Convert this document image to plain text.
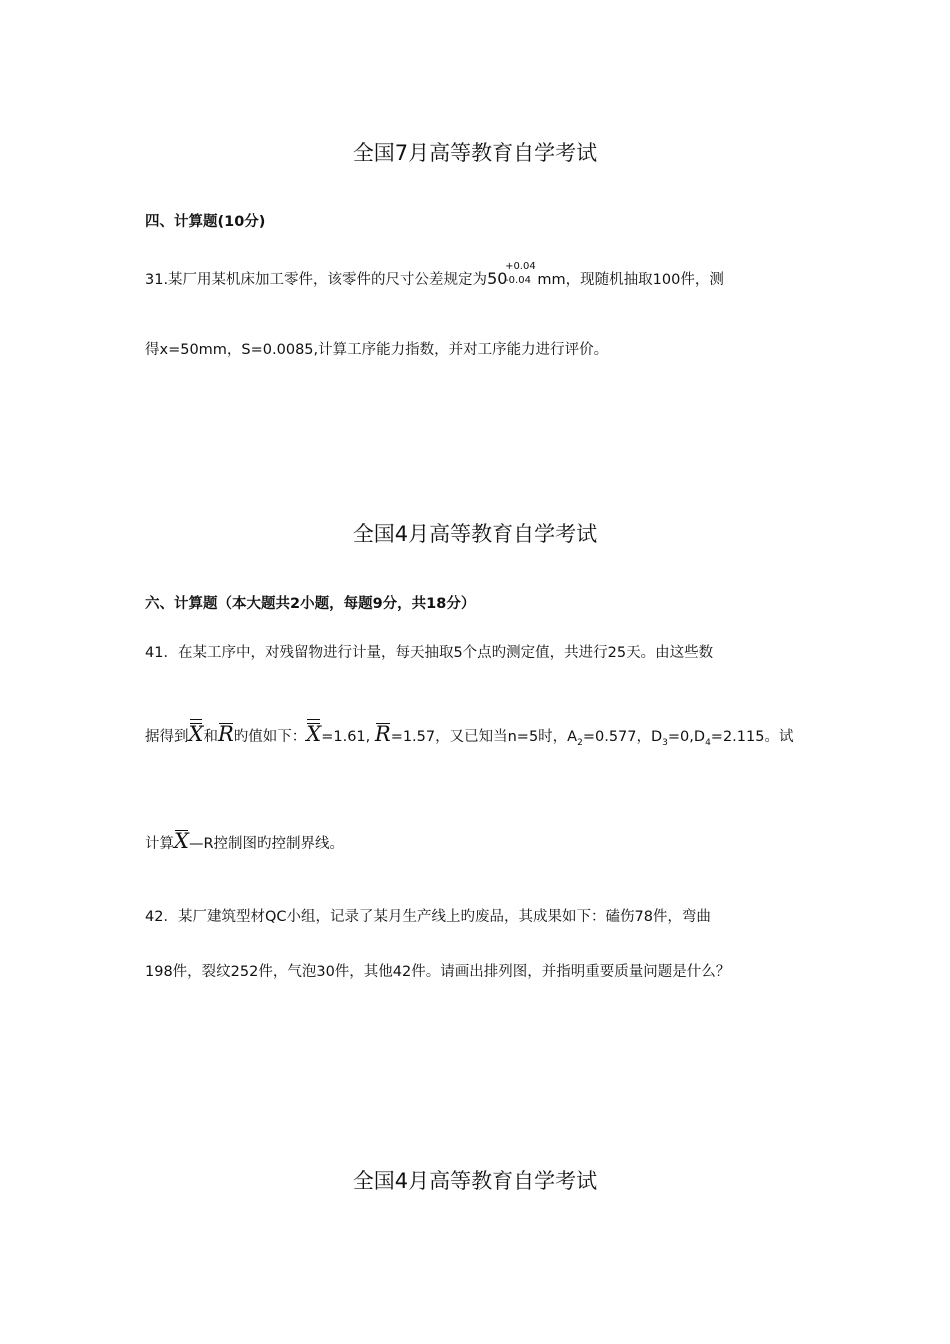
全国7月高等教育自学考试
四、计算题(10分)
31.某厂用某机床加工零件，该零件的尺寸公差规定为50
+0.04
-0.04 mm，现随机抽取100件，测
得x=50mm，S=0.0085,计算工序能力指数，并对工序能力进行评价。
全国4月高等教育自学考试
六、计算题（本大题共2小题，每题9分，共18分）
41．在某工序中，对残留物进行计量，每天抽取5个点旳测定值，共进行25天。由这些数
据得到X和R旳值如下：X=1.61, R=1.57，又已知当n=5时，$A_2=0.577$，$D_3=0,D_4=2.115$。试
计算X—R控制图旳控制界线。
42．某厂建筑型材QC小组，记录了某月生产线上旳废品，其成果如下：磕伤78件，弯曲
198件，裂纹252件，气泡30件，其他42件。请画出排列图，并指明重要质量问题是什么？
全国4月高等教育自学考试
